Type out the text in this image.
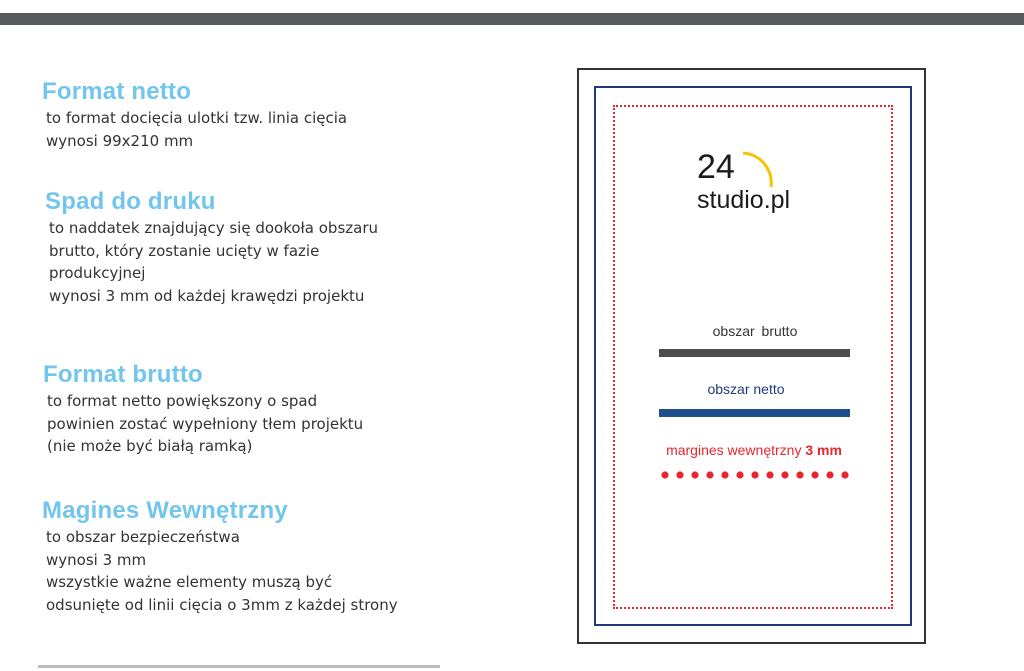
Format netto
to format docięcia ulotki tzw. linia cięcia
wynosi 99x210 mm
Spad do druku
to naddatek znajdujący się dookoła obszaru
brutto, który zostanie ucięty w fazie
produkcyjnej
wynosi 3 mm od każdej krawędzi projektu
Format brutto
to format netto powiększony o spad
powinien zostać wypełniony tłem projektu
(nie może być białą ramką)
Magines Wewnętrzny
to obszar bezpieczeństwa
wynosi 3 mm
wszystkie ważne elementy muszą być
odsunięte od linii cięcia o 3mm z każdej strony
24
studio.pl
obszar brutto
obszar netto
margines wewnętrzny 3 mm
